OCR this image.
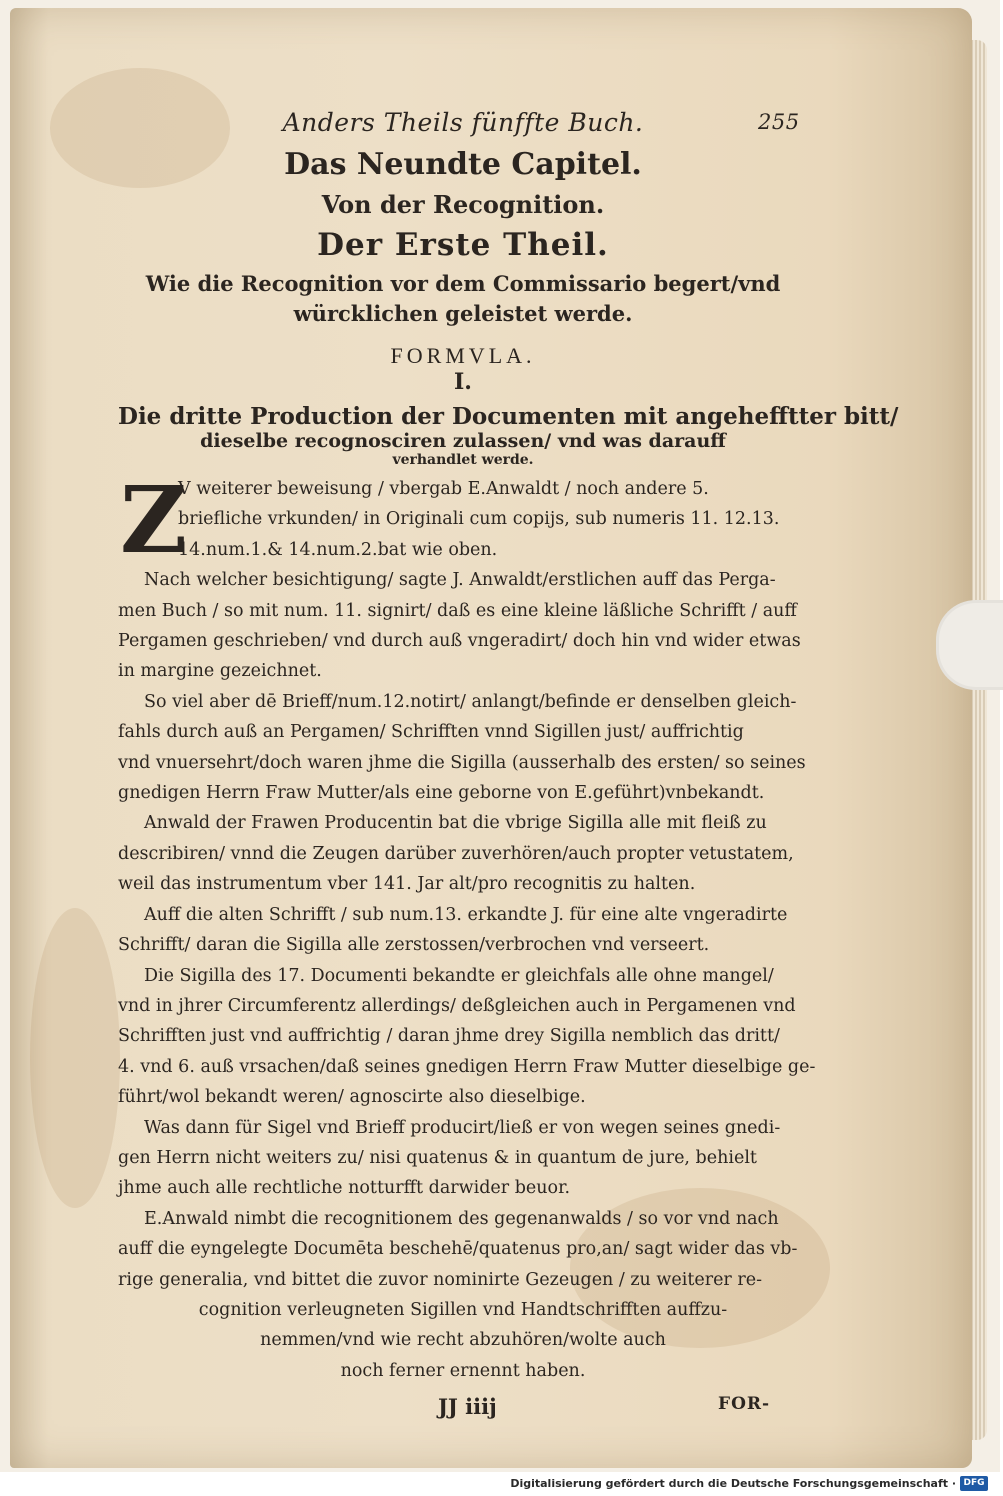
Anders Theils fünffte Buch.	255
Das Neundte Capitel.
Von der Recognition.
Der Erste Theil.
Wie die Recognition vor dem Commissario begert/vnd
würcklichen geleistet werde.
FORMVLA.
I.
Die dritte Production der Documenten mit angehefftter bitt/
dieselbe recognosciren zulassen/ vnd was darauff
verhandlet werde.
Z
V weiterer beweisung / vbergab E.Anwaldt / noch andere 5.
briefliche vrkunden/ in Originali cum copijs, sub numeris 11. 12.13.
14.num.1.& 14.num.2.bat wie oben.
Nach welcher besichtigung/ sagte J. Anwaldt/erstlichen auff das Perga-
men Buch / so mit num. 11. signirt/ daß es eine kleine läßliche Schrifft / auff
Pergamen geschrieben/ vnd durch auß vngeradirt/ doch hin vnd wider etwas
in margine gezeichnet.
So viel aber dē Brieff/num.12.notirt/ anlangt/befinde er denselben gleich-
fahls durch auß an Pergamen/ Schrifften vnnd Sigillen just/ auffrichtig
vnd vnuersehrt/doch waren jhme die Sigilla (ausserhalb des ersten/ so seines
gnedigen Herrn Fraw Mutter/als eine geborne von E.geführt)vnbekandt.
Anwald der Frawen Producentin bat die vbrige Sigilla alle mit fleiß zu
describiren/ vnnd die Zeugen darüber zuverhören/auch propter vetustatem,
weil das instrumentum vber 141. Jar alt/pro recognitis zu halten.
Auff die alten Schrifft / sub num.13. erkandte J. für eine alte vngeradirte
Schrifft/ daran die Sigilla alle zerstossen/verbrochen vnd verseert.
Die Sigilla des 17. Documenti bekandte er gleichfals alle ohne mangel/
vnd in jhrer Circumferentz allerdings/ deßgleichen auch in Pergamenen vnd
Schrifften just vnd auffrichtig / daran jhme drey Sigilla nemblich das dritt/
4. vnd 6. auß vrsachen/daß seines gnedigen Herrn Fraw Mutter dieselbige ge-
führt/wol bekandt weren/ agnoscirte also dieselbige.
Was dann für Sigel vnd Brieff producirt/ließ er von wegen seines gnedi-
gen Herrn nicht weiters zu/ nisi quatenus & in quantum de jure, behielt
jhme auch alle rechtliche notturfft darwider beuor.
E.Anwald nimbt die recognitionem des gegenanwalds / so vor vnd nach
auff die eyngelegte Documēta beschehē/quatenus pro,an/ sagt wider das vb-
rige generalia, vnd bittet die zuvor nominirte Gezeugen / zu weiterer re-
cognition verleugneten Sigillen vnd Handtschrifften auffzu-
nemmen/vnd wie recht abzuhören/wolte auch
noch ferner ernennt haben.
JJ iiij	FOR-
Digitalisierung gefördert durch die Deutsche Forschungsgemeinschaft · DFG
